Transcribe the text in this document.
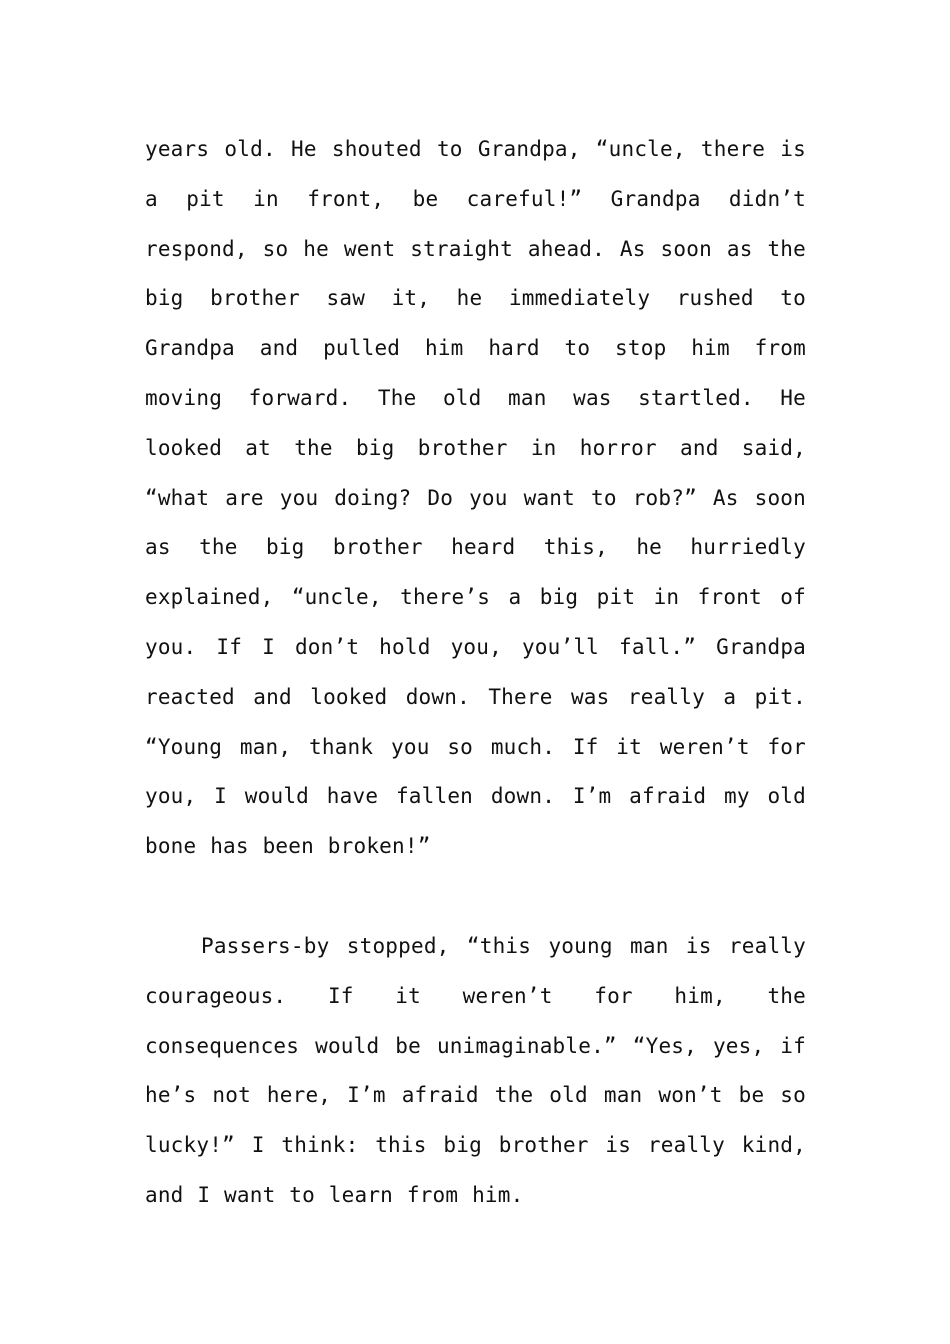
years old. He shouted to Grandpa, “uncle, there is a pit in front, be careful!” Grandpa didn’t respond, so he went straight ahead. As soon as the big brother saw it, he immediately rushed to Grandpa and pulled him hard to stop him from moving forward. The old man was startled. He looked at the big brother in horror and said, “what are you doing? Do you want to rob?” As soon as the big brother heard this, he hurriedly explained, “uncle, there’s a big pit in front of you. If I don’t hold you, you’ll fall.” Grandpa reacted and looked down. There was really a pit. “Young man, thank you so much. If it weren’t for you, I would have fallen down. I’m afraid my old bone has been broken!”

Passers-by stopped, “this young man is really courageous. If it weren’t for him, the consequences would be unimaginable.” “Yes, yes, if he’s not here, I’m afraid the old man won’t be so lucky!” I think: this big brother is really kind, and I want to learn from him.
